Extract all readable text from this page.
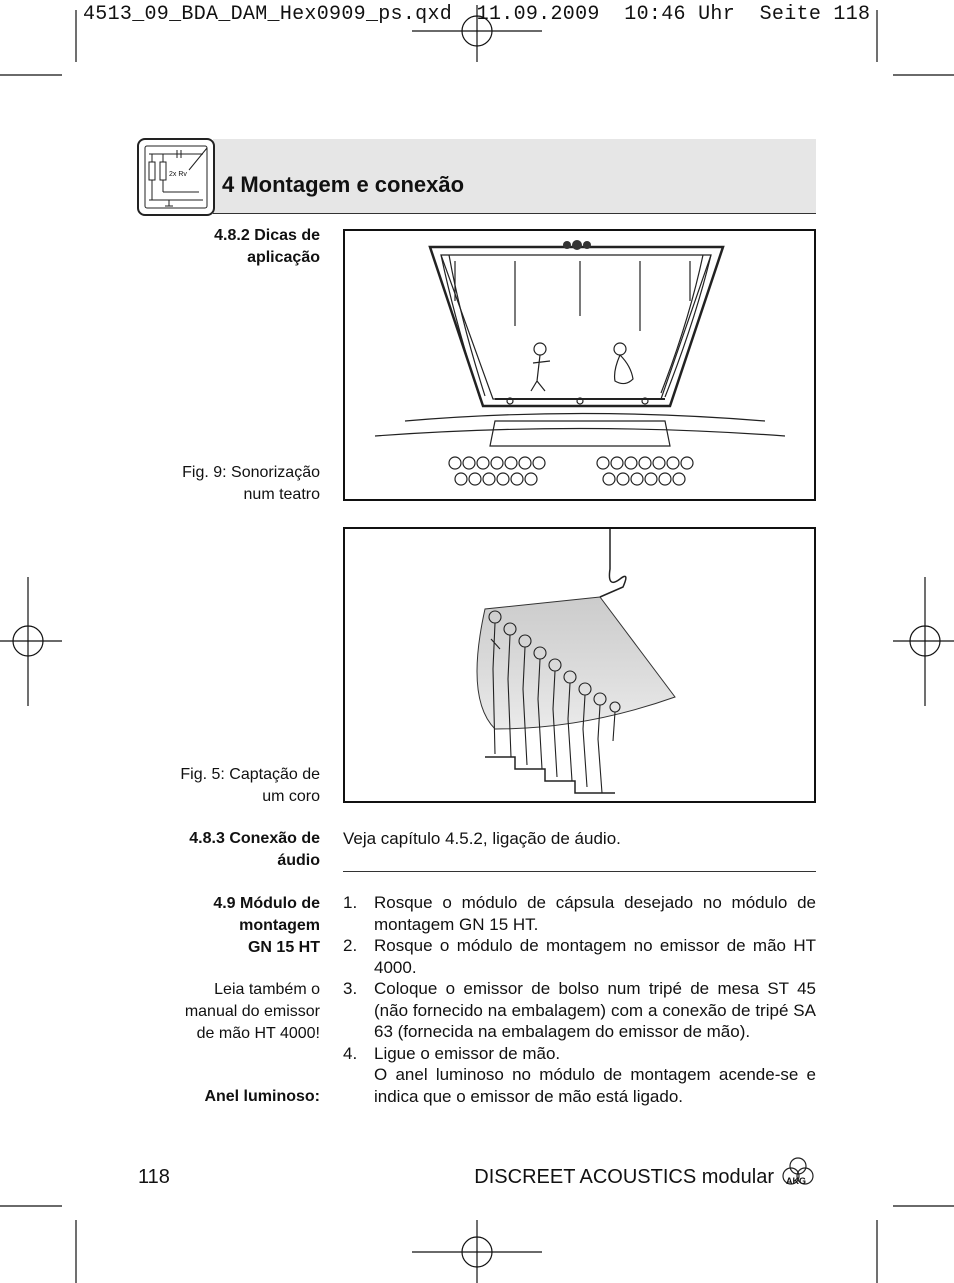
4513_09_BDA_DAM_Hex0909_ps.qxd  11.09.2009  10:46 Uhr  Seite 118
2x Rv 4 Montagem e conexão
4.8.2 Dicas de
aplicação
Fig. 9: Sonorização
num teatro
Fig. 5: Captação de
um coro
4.8.3 Conexão de
áudio
Veja capítulo 4.5.2, ligação de áudio.
4.9 Módulo de
montagem
GN 15 HT
Leia também o
manual do emissor
de mão HT 4000!
Anel luminoso:
1. Rosque o módulo de cápsula desejado no módulo de montagem GN 15 HT.
2. Rosque o módulo de montagem no emissor de mão HT 4000.
3. Coloque o emissor de bolso num tripé de mesa ST 45 (não fornecido na embalagem) com a conexão de tripé SA 63 (fornecida na embalagem do emissor de mão).
4. Ligue o emissor de mão.
O anel luminoso no módulo de montagem acende-se e indica que o emissor de mão está ligado.
118	DISCREET ACOUSTICS modular AKG
